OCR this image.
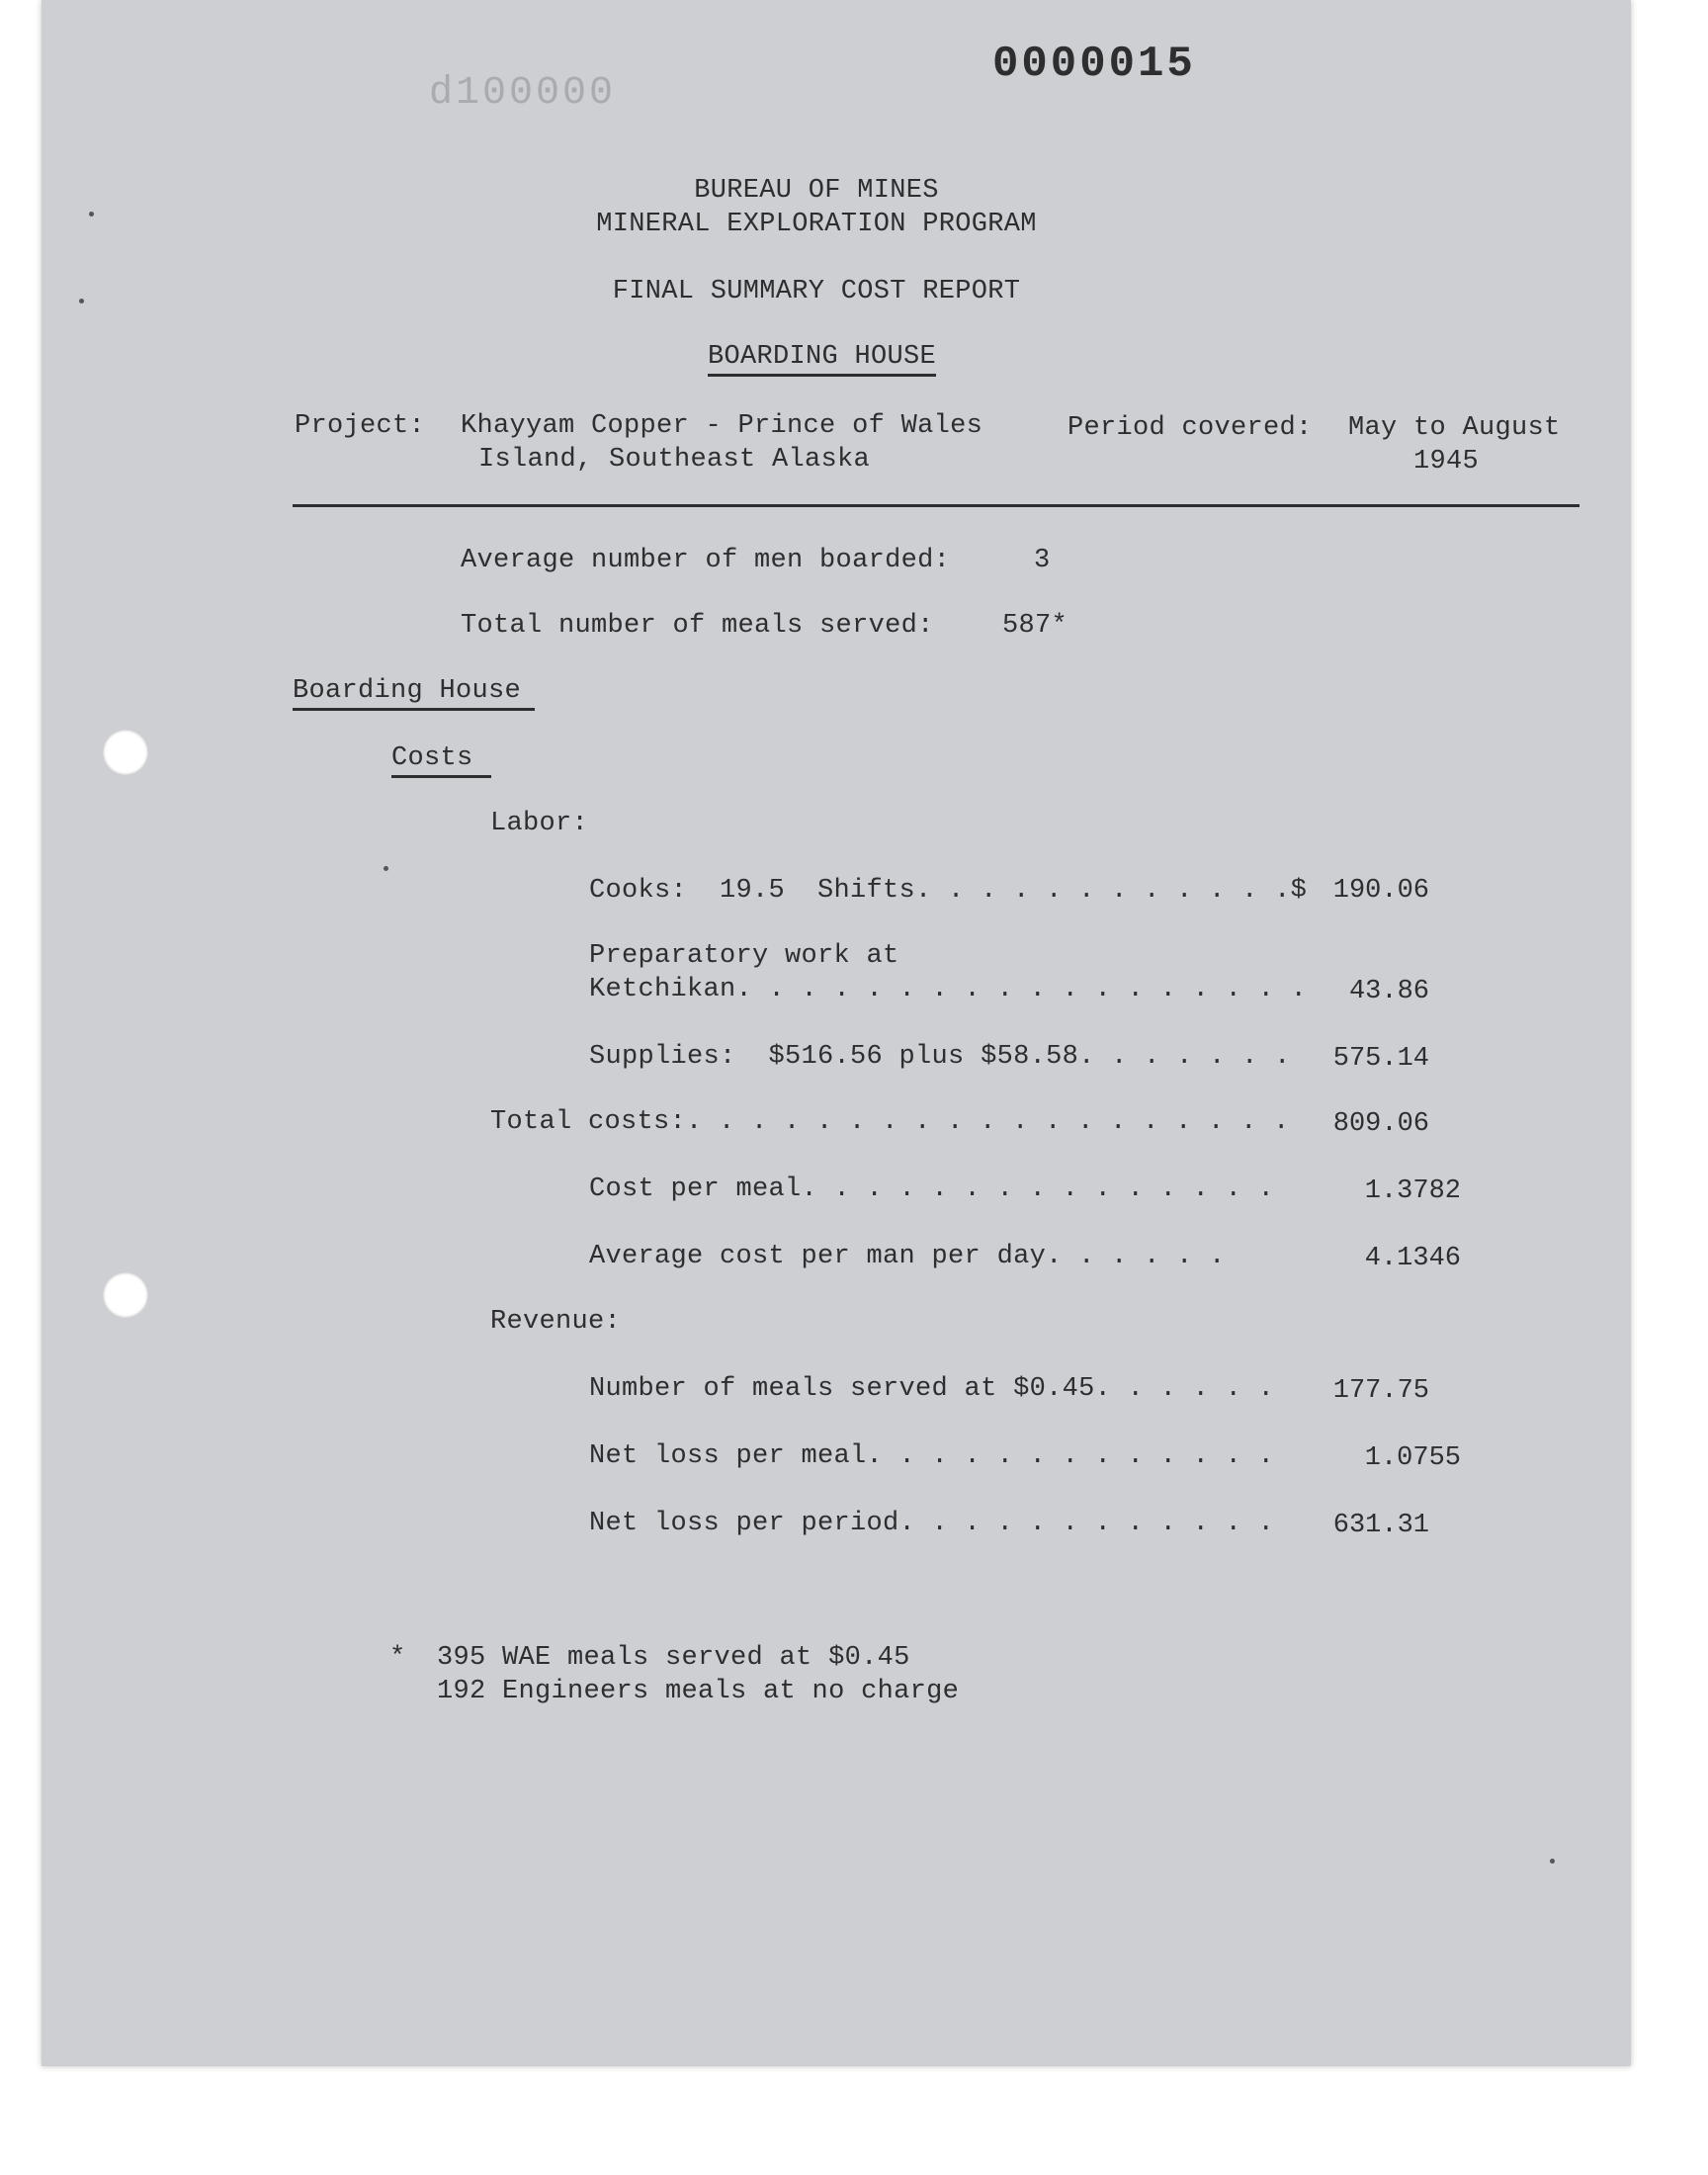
d100000
0000015
BUREAU OF MINES
MINERAL EXPLORATION PROGRAM
FINAL SUMMARY COST REPORT
BOARDING HOUSE
Project: Khayyam Copper - Prince of Wales
Island, Southeast Alaska
Period covered: May to August
1945
Average number of men boarded:	3
Total number of meals served:	587*
Boarding House
Costs
Labor:
Cooks:  19.5  Shifts. . . . . . . . . . . .$ 190.06
Preparatory work at
Ketchikan. . . . . . . . . . . . . . . . . .	43.86
Supplies:  $516.56 plus $58.58. . . . . . .	575.14
Total costs:. . . . . . . . . . . . . . . . . . .	809.06
Cost per meal. . . . . . . . . . . . . . .	1.3782
Average cost per man per day. . . . . .	4.1346
Revenue:
Number of meals served at $0.45. . . . . .	177.75
Net loss per meal. . . . . . . . . . . . .	1.0755
Net loss per period. . . . . . . . . . . .	631.31
* 395 WAE meals served at $0.45
192 Engineers meals at no charge
